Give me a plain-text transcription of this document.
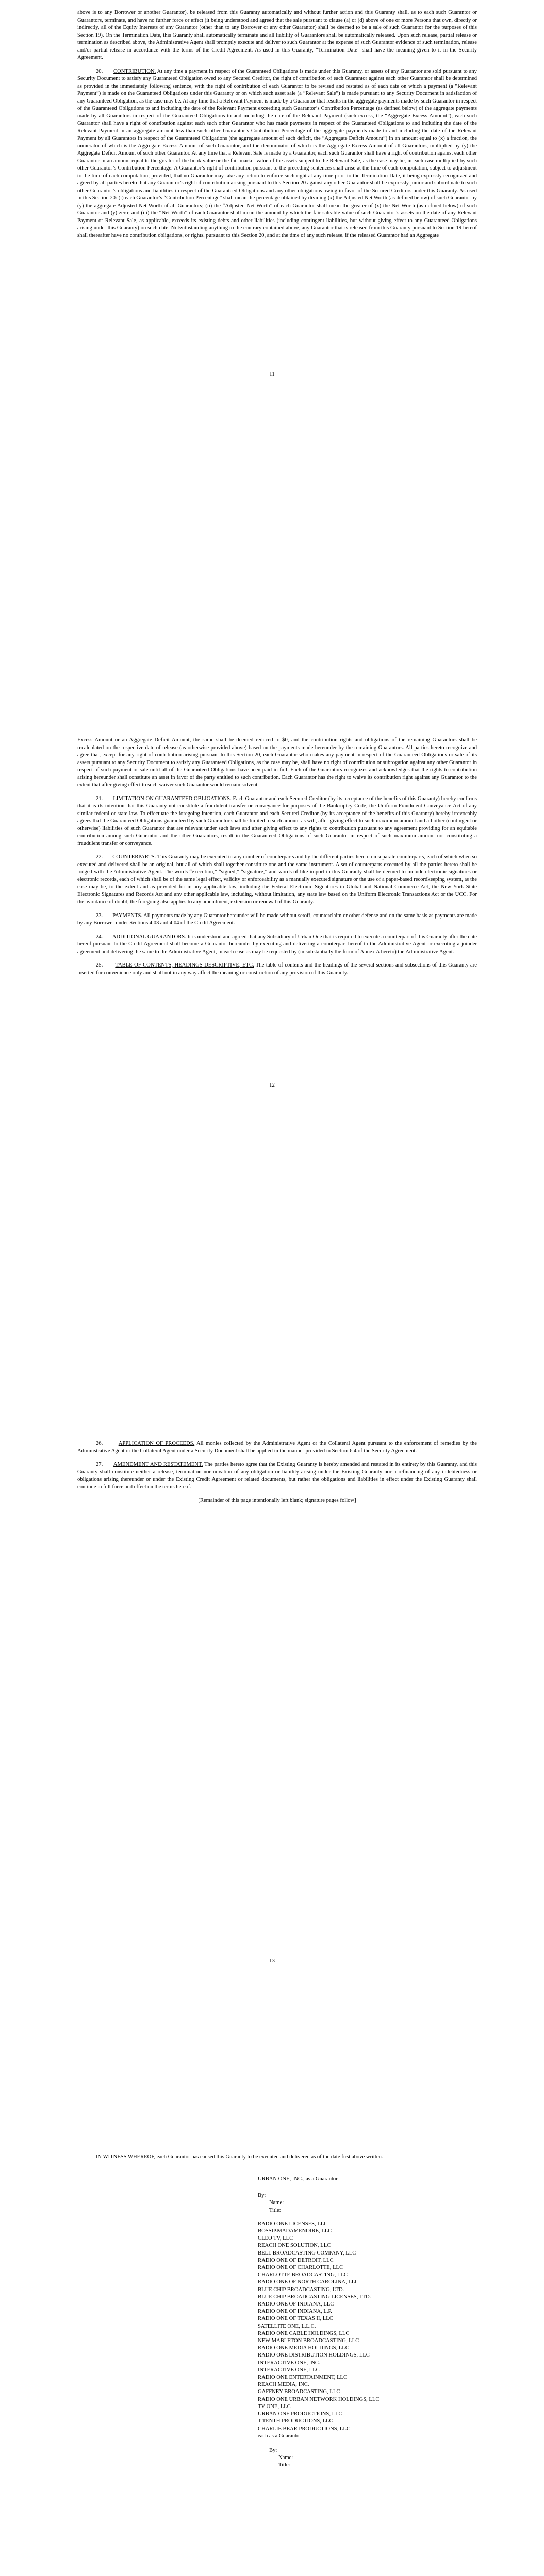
above is to any Borrower or another Guarantor), be released from this Guaranty automatically and without further action and this Guaranty shall, as to each such Guarantor or Guarantors, terminate, and have no further force or effect (it being understood and agreed that the sale pursuant to clause (a) or (d) above of one or more Persons that own, directly or indirectly, all of the Equity Interests of any Guarantor (other than to any Borrower or any other Guarantor) shall be deemed to be a sale of such Guarantor for the purposes of this Section 19). On the Termination Date, this Guaranty shall automatically terminate and all liability of Guarantors shall be automatically released. Upon such release, partial release or termination as described above, the Administrative Agent shall promptly execute and deliver to such Guarantor at the expense of such Guarantor evidence of such termination, release and/or partial release in accordance with the terms of the Credit Agreement. As used in this Guaranty, “Termination Date” shall have the meaning given to it in the Security Agreement.

20. CONTRIBUTION. At any time a payment in respect of the Guaranteed Obligations is made under this Guaranty, or assets of any Guarantor are sold pursuant to any Security Document to satisfy any Guaranteed Obligation owed to any Secured Creditor, the right of contribution of each Guarantor against each other Guarantor shall be determined as provided in the immediately following sentence, with the right of contribution of each Guarantor to be revised and restated as of each date on which a payment (a “Relevant Payment”) is made on the Guaranteed Obligations under this Guaranty or on which such asset sale (a “Relevant Sale”) is made pursuant to any Security Document in satisfaction of any Guaranteed Obligation, as the case may be. At any time that a Relevant Payment is made by a Guarantor that results in the aggregate payments made by such Guarantor in respect of the Guaranteed Obligations to and including the date of the Relevant Payment exceeding such Guarantor’s Contribution Percentage (as defined below) of the aggregate payments made by all Guarantors in respect of the Guaranteed Obligations to and including the date of the Relevant Payment (such excess, the “Aggregate Excess Amount”), each such Guarantor shall have a right of contribution against each such other Guarantor who has made payments in respect of the Guaranteed Obligations to and including the date of the Relevant Payment in an aggregate amount less than such other Guarantor’s Contribution Percentage of the aggregate payments made to and including the date of the Relevant Payment by all Guarantors in respect of the Guaranteed Obligations (the aggregate amount of such deficit, the “Aggregate Deficit Amount”) in an amount equal to (x) a fraction, the numerator of which is the Aggregate Excess Amount of such Guarantor, and the denominator of which is the Aggregate Excess Amount of all Guarantors, multiplied by (y) the Aggregate Deficit Amount of such other Guarantor. At any time that a Relevant Sale is made by a Guarantor, each such Guarantor shall have a right of contribution against each other Guarantor in an amount equal to the greater of the book value or the fair market value of the assets subject to the Relevant Sale, as the case may be, in each case multiplied by such other Guarantor’s Contribution Percentage. A Guarantor’s right of contribution pursuant to the preceding sentences shall arise at the time of each computation, subject to adjustment to the time of each computation; provided, that no Guarantor may take any action to enforce such right at any time prior to the Termination Date, it being expressly recognized and agreed by all parties hereto that any Guarantor’s right of contribution arising pursuant to this Section 20 against any other Guarantor shall be expressly junior and subordinate to such other Guarantor’s obligations and liabilities in respect of the Guaranteed Obligations and any other obligations owing in favor of the Secured Creditors under this Guaranty. As used in this Section 20: (i) each Guarantor’s “Contribution Percentage” shall mean the percentage obtained by dividing (x) the Adjusted Net Worth (as defined below) of such Guarantor by (y) the aggregate Adjusted Net Worth of all Guarantors; (ii) the “Adjusted Net Worth” of each Guarantor shall mean the greater of (x) the Net Worth (as defined below) of such Guarantor and (y) zero; and (iii) the “Net Worth” of each Guarantor shall mean the amount by which the fair saleable value of such Guarantor’s assets on the date of any Relevant Payment or Relevant Sale, as applicable, exceeds its existing debts and other liabilities (including contingent liabilities, but without giving effect to any Guaranteed Obligations arising under this Guaranty) on such date. Notwithstanding anything to the contrary contained above, any Guarantor that is released from this Guaranty pursuant to Section 19 hereof shall thereafter have no contribution obligations, or rights, pursuant to this Section 20, and at the time of any such release, if the released Guarantor had an Aggregate

11

Excess Amount or an Aggregate Deficit Amount, the same shall be deemed reduced to $0, and the contribution rights and obligations of the remaining Guarantors shall be recalculated on the respective date of release (as otherwise provided above) based on the payments made hereunder by the remaining Guarantors. All parties hereto recognize and agree that, except for any right of contribution arising pursuant to this Section 20, each Guarantor who makes any payment in respect of the Guaranteed Obligations or sale of its assets pursuant to any Security Document to satisfy any Guaranteed Obligations, as the case may be, shall have no right of contribution or subrogation against any other Guarantor in respect of such payment or sale until all of the Guaranteed Obligations have been paid in full. Each of the Guarantors recognizes and acknowledges that the rights to contribution arising hereunder shall constitute an asset in favor of the party entitled to such contribution. Each Guarantor has the right to waive its contribution right against any Guarantor to the extent that after giving effect to such waiver such Guarantor would remain solvent.

21. LIMITATION ON GUARANTEED OBLIGATIONS. Each Guarantor and each Secured Creditor (by its acceptance of the benefits of this Guaranty) hereby confirms that it is its intention that this Guaranty not constitute a fraudulent transfer or conveyance for purposes of the Bankruptcy Code, the Uniform Fraudulent Conveyance Act of any similar federal or state law. To effectuate the foregoing intention, each Guarantor and each Secured Creditor (by its acceptance of the benefits of this Guaranty) hereby irrevocably agrees that the Guaranteed Obligations guaranteed by such Guarantor shall be limited to such amount as will, after giving effect to such maximum amount and all other (contingent or otherwise) liabilities of such Guarantor that are relevant under such laws and after giving effect to any rights to contribution pursuant to any agreement providing for an equitable contribution among such Guarantor and the other Guarantors, result in the Guaranteed Obligations of such Guarantor in respect of such maximum amount not constituting a fraudulent transfer or conveyance.

22. COUNTERPARTS. This Guaranty may be executed in any number of counterparts and by the different parties hereto on separate counterparts, each of which when so executed and delivered shall be an original, but all of which shall together constitute one and the same instrument. A set of counterparts executed by all the parties hereto shall be lodged with the Administrative Agent. The words “execution,” “signed,” “signature,” and words of like import in this Guaranty shall be deemed to include electronic signatures or electronic records, each of which shall be of the same legal effect, validity or enforceability as a manually executed signature or the use of a paper-based recordkeeping system, as the case may be, to the extent and as provided for in any applicable law, including the Federal Electronic Signatures in Global and National Commerce Act, the New York State Electronic Signatures and Records Act and any other applicable law, including, without limitation, any state law based on the Uniform Electronic Transactions Act or the UCC. For the avoidance of doubt, the foregoing also applies to any amendment, extension or renewal of this Guaranty.

23. PAYMENTS. All payments made by any Guarantor hereunder will be made without setoff, counterclaim or other defense and on the same basis as payments are made by any Borrower under Sections 4.03 and 4.04 of the Credit Agreement.

24. ADDITIONAL GUARANTORS. It is understood and agreed that any Subsidiary of Urban One that is required to execute a counterpart of this Guaranty after the date hereof pursuant to the Credit Agreement shall become a Guarantor hereunder by executing and delivering a counterpart hereof to the Administrative Agent or executing a joinder agreement and delivering the same to the Administrative Agent, in each case as may be requested by (in substantially the form of Annex A hereto) the Administrative Agent.

25. TABLE OF CONTENTS, HEADINGS DESCRIPTIVE, ETC. The table of contents and the headings of the several sections and subsections of this Guaranty are inserted for convenience only and shall not in any way affect the meaning or construction of any provision of this Guaranty.

12

26.	APPLICATION OF PROCEEDS. All monies collected by the Administrative Agent or the Collateral Agent pursuant to the enforcement of remedies by the Administrative Agent or the Collateral Agent under a Security Document shall be applied in the manner provided in Section 6.4 of the Security Agreement.

27. AMENDMENT AND RESTATEMENT. The parties hereto agree that the Existing Guaranty is hereby amended and restated in its entirety by this Guaranty, and this Guaranty shall constitute neither a release, termination nor novation of any obligation or liability arising under the Existing Guaranty nor a refinancing of any indebtedness or obligations arising thereunder or under the Existing Credit Agreement or related documents, but rather the obligations and liabilities in effect under the Existing Guaranty shall continue in full force and effect on the terms hereof.

[Remainder of this page intentionally left blank; signature pages follow]

13

IN WITNESS WHEREOF, each Guarantor has caused this Guaranty to be executed and delivered as of the date first above written.

URBAN ONE, INC., as a Guarantor
By:
Name:
Title:
RADIO ONE LICENSES, LLC
BOSSIP.MADAMENOIRE, LLC
CLEO TV, LLC
REACH ONE SOLUTION, LLC
BELL BROADCASTING COMPANY, LLC
RADIO ONE OF DETROIT, LLC
RADIO ONE OF CHARLOTTE, LLC
CHARLOTTE BROADCASTING, LLC
RADIO ONE OF NORTH CAROLINA, LLC
BLUE CHIP BROADCASTING, LTD.
BLUE CHIP BROADCASTING LICENSES, LTD.
RADIO ONE OF INDIANA, LLC
RADIO ONE OF INDIANA, L.P.
RADIO ONE OF TEXAS II, LLC
SATELLITE ONE, L.L.C.
RADIO ONE CABLE HOLDINGS, LLC
NEW MABLETON BROADCASTING, LLC
RADIO ONE MEDIA HOLDINGS, LLC
RADIO ONE DISTRIBUTION HOLDINGS, LLC
INTERACTIVE ONE, INC.
INTERACTIVE ONE, LLC
RADIO ONE ENTERTAINMENT, LLC
REACH MEDIA, INC.
GAFFNEY BROADCASTING, LLC
RADIO ONE URBAN NETWORK HOLDINGS, LLC
TV ONE, LLC
URBAN ONE PRODUCTIONS, LLC
T TENTH PRODUCTIONS, LLC
CHARLIE BEAR PRODUCTIONS, LLC
each as a Guarantor
By:
Name:
Title:
